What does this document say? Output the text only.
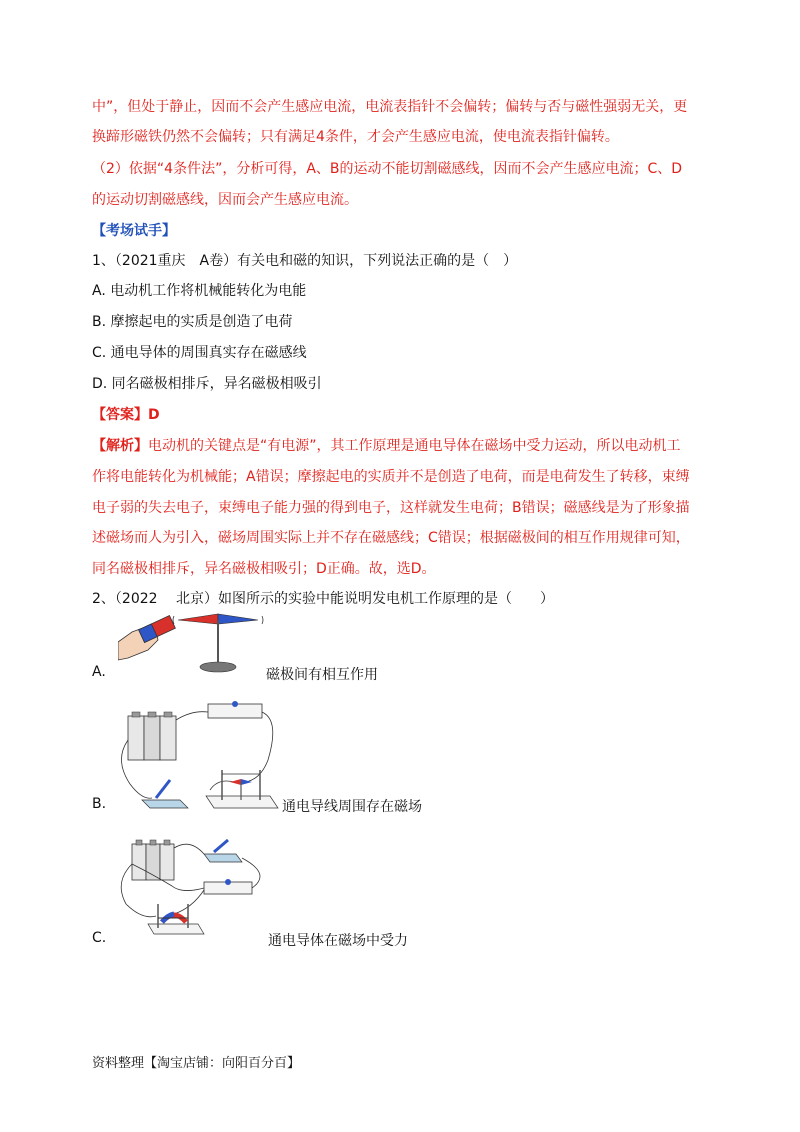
中”，但处于静止，因而不会产生感应电流，电流表指针不会偏转；偏转与否与磁性强弱无关，更
换蹄形磁铁仍然不会偏转；只有满足4条件，才会产生感应电流，使电流表指针偏转。
（2）依据“4条件法”，分析可得，A、B的运动不能切割磁感线，因而不会产生感应电流；C、D
的运动切割磁感线，因而会产生感应电流。
【考场试手】
1、（2021重庆　A卷）有关电和磁的知识，下列说法正确的是（　）
A. 电动机工作将机械能转化为电能
B. 摩擦起电的实质是创造了电荷
C. 通电导体的周围真实存在磁感线
D. 同名磁极相排斥，异名磁极相吸引
【答案】D
【解析】电动机的关键点是“有电源”，其工作原理是通电导体在磁场中受力运动，所以电动机工
作将电能转化为机械能；A错误；摩擦起电的实质并不是创造了电荷，而是电荷发生了转移，束缚
电子弱的失去电子，束缚电子能力强的得到电子，这样就发生电荷；B错误；磁感线是为了形象描
述磁场而人为引入，磁场周围实际上并不存在磁感线；C错误；根据磁极间的相互作用规律可知，
同名磁极相排斥，异名磁极相吸引；D正确。故，选D。
2、（2022　 北京）如图所示的实验中能说明发电机工作原理的是（　　）
A.	磁极间有相互作用
B.	通电导线周围存在磁场
C.	通电导体在磁场中受力
资料整理【淘宝店铺：向阳百分百】
